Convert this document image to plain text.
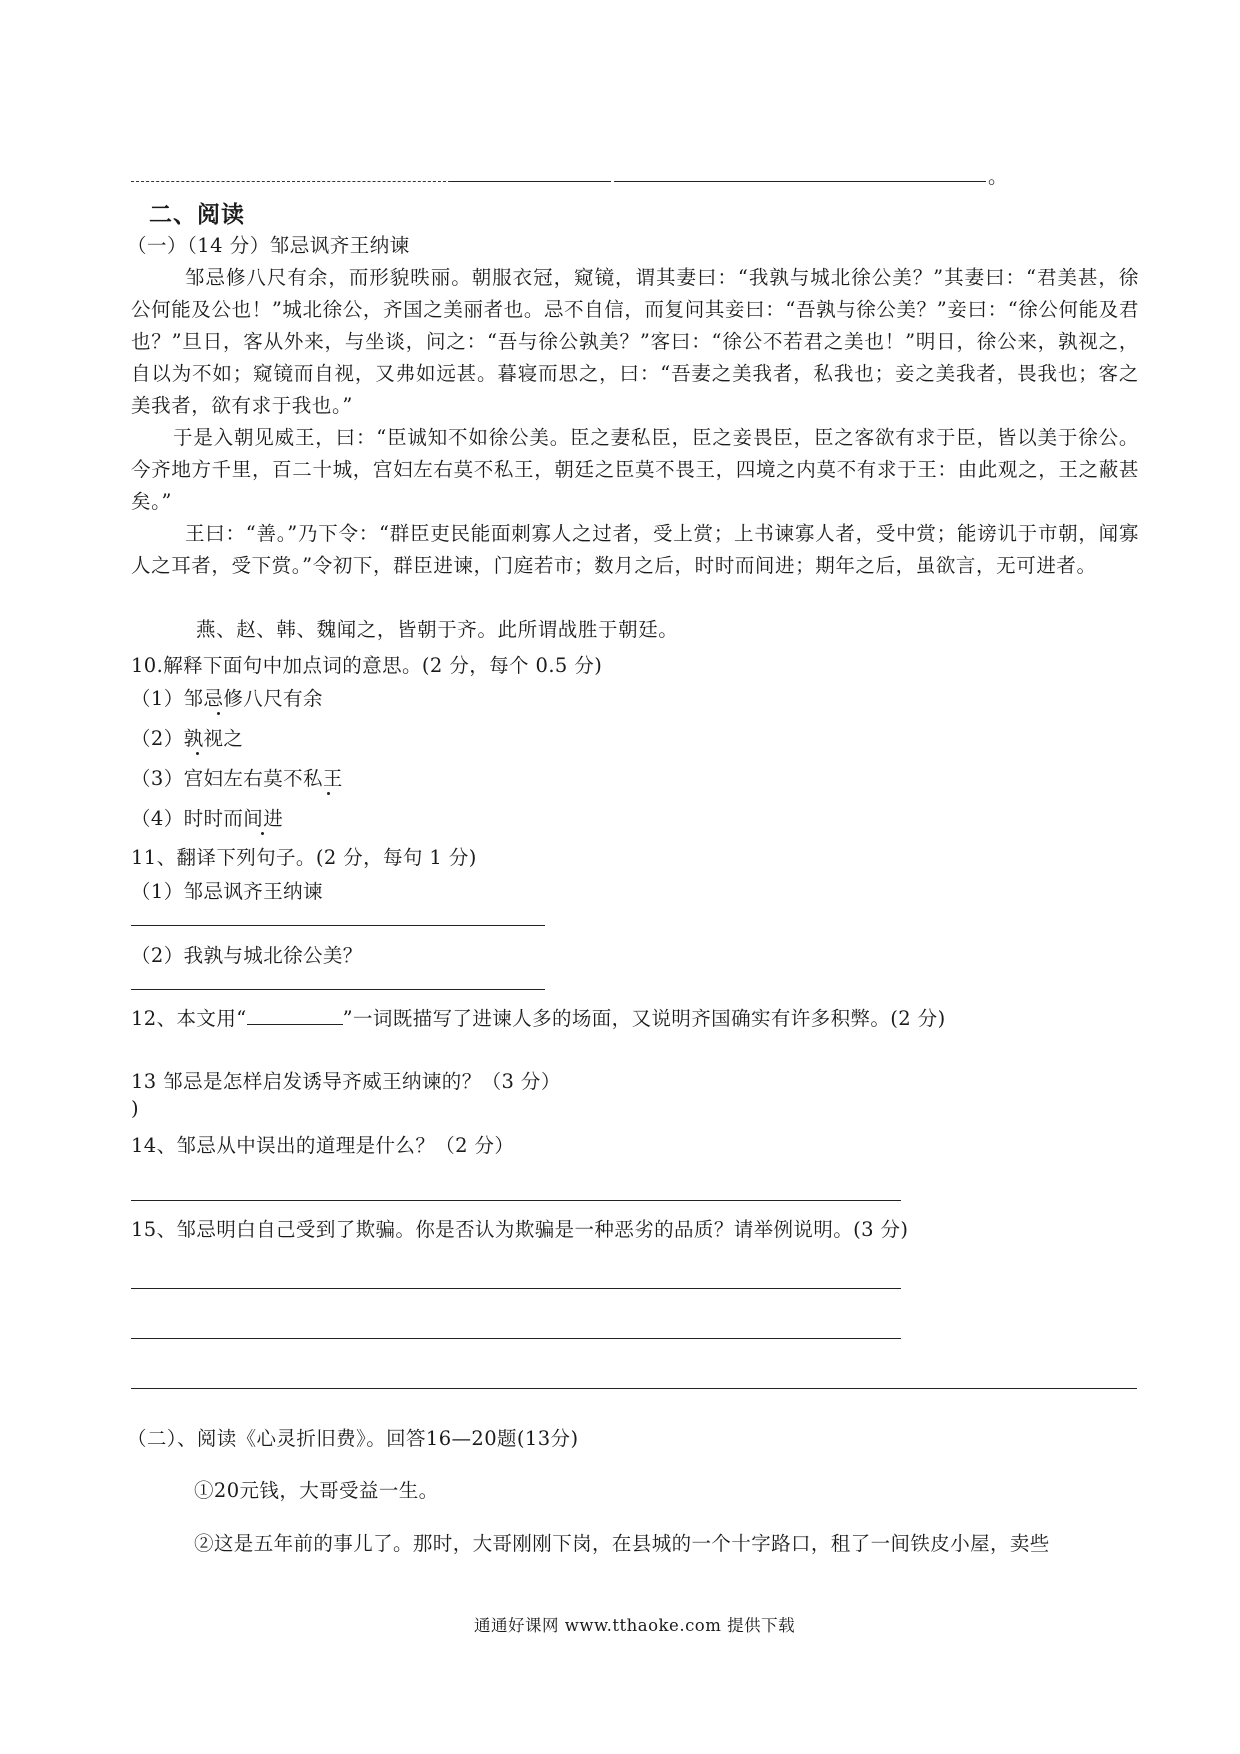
。
二、阅读
（一）（14 分）邹忌讽齐王纳谏
邹忌修八尺有余，而形貌昳丽。朝服衣冠，窥镜，谓其妻曰：“我孰与城北徐公美？”其妻曰：“君美甚，徐公何能及公也！”城北徐公，齐国之美丽者也。忌不自信，而复问其妾曰：“吾孰与徐公美？”妾曰：“徐公何能及君也？”旦日，客从外来，与坐谈，问之：“吾与徐公孰美？”客曰：“徐公不若君之美也！”明日，徐公来，孰视之，自以为不如；窥镜而自视，又弗如远甚。暮寝而思之，曰：“吾妻之美我者，私我也；妾之美我者，畏我也；客之美我者，欲有求于我也。”
于是入朝见威王，曰：“臣诚知不如徐公美。臣之妻私臣，臣之妾畏臣，臣之客欲有求于臣，皆以美于徐公。今齐地方千里，百二十城，宫妇左右莫不私王，朝廷之臣莫不畏王，四境之内莫不有求于王：由此观之，王之蔽甚矣。”
王曰：“善。”乃下令：“群臣吏民能面刺寡人之过者，受上赏；上书谏寡人者，受中赏；能谤讥于市朝，闻寡人之耳者，受下赏。”令初下，群臣进谏，门庭若市；数月之后，时时而间进；期年之后，虽欲言，无可进者。
燕、赵、韩、魏闻之，皆朝于齐。此所谓战胜于朝廷。
10.解释下面句中加点词的意思。(2 分，每个 0.5 分)
（1）邹忌修八尺有余
（2）孰视之
（3）宫妇左右莫不私王
（4）时时而间进
11、翻译下列句子。(2 分，每句 1 分)
（1）邹忌讽齐王纳谏
（2）我孰与城北徐公美？
12、本文用“	”一词既描写了进谏人多的场面，又说明齐国确实有许多积弊。(2 分)
13 邹忌是怎样启发诱导齐威王纳谏的？（3 分）
)
14、邹忌从中误出的道理是什么？（2 分）
15、邹忌明白自己受到了欺骗。你是否认为欺骗是一种恶劣的品质？请举例说明。(3 分)
（二）、阅读《心灵折旧费》。回答16—20题(13分)
①20元钱，大哥受益一生。
②这是五年前的事儿了。那时，大哥刚刚下岗，在县城的一个十字路口，租了一间铁皮小屋，卖些
通通好课网 www.tthaoke.com 提供下载
